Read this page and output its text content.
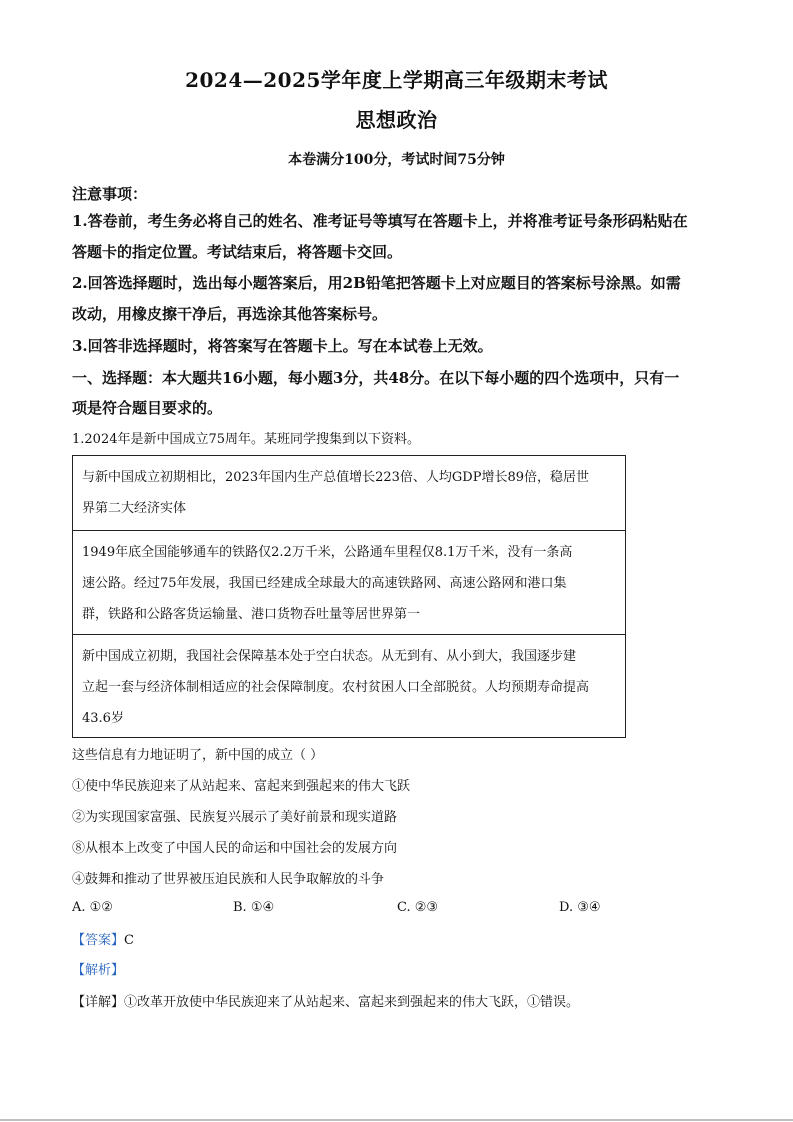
2024—2025学年度上学期高三年级期末考试
思想政治
本卷满分100分，考试时间75分钟
注意事项：
1.答卷前，考生务必将自己的姓名、准考证号等填写在答题卡上，并将准考证号条形码粘贴在
答题卡的指定位置。考试结束后，将答题卡交回。
2.回答选择题时，选出每小题答案后，用2B铅笔把答题卡上对应题目的答案标号涂黑。如需
改动，用橡皮擦干净后，再选涂其他答案标号。
3.回答非选择题时，将答案写在答题卡上。写在本试卷上无效。
一、选择题：本大题共16小题，每小题3分，共48分。在以下每小题的四个选项中，只有一
项是符合题目要求的。
1.2024年是新中国成立75周年。某班同学搜集到以下资料。
与新中国成立初期相比，2023年国内生产总值增长223倍、人均GDP增长89倍，稳居世
界第二大经济实体
1949年底全国能够通车的铁路仅2.2万千米，公路通车里程仅8.1万千米，没有一条高
速公路。经过75年发展，我国已经建成全球最大的高速铁路网、高速公路网和港口集
群，铁路和公路客货运输量、港口货物吞吐量等居世界第一
新中国成立初期，我国社会保障基本处于空白状态。从无到有、从小到大，我国逐步建
立起一套与经济体制相适应的社会保障制度。农村贫困人口全部脱贫。人均预期寿命提高
43.6岁
这些信息有力地证明了，新中国的成立（ ）
①使中华民族迎来了从站起来、富起来到强起来的伟大飞跃
②为实现国家富强、民族复兴展示了美好前景和现实道路
⑧从根本上改变了中国人民的命运和中国社会的发展方向
④鼓舞和推动了世界被压迫民族和人民争取解放的斗争
A. ①②	B. ①④	C. ②③	D. ③④
【答案】C
【解析】
【详解】①改革开放使中华民族迎来了从站起来、富起来到强起来的伟大飞跃，①错误。
